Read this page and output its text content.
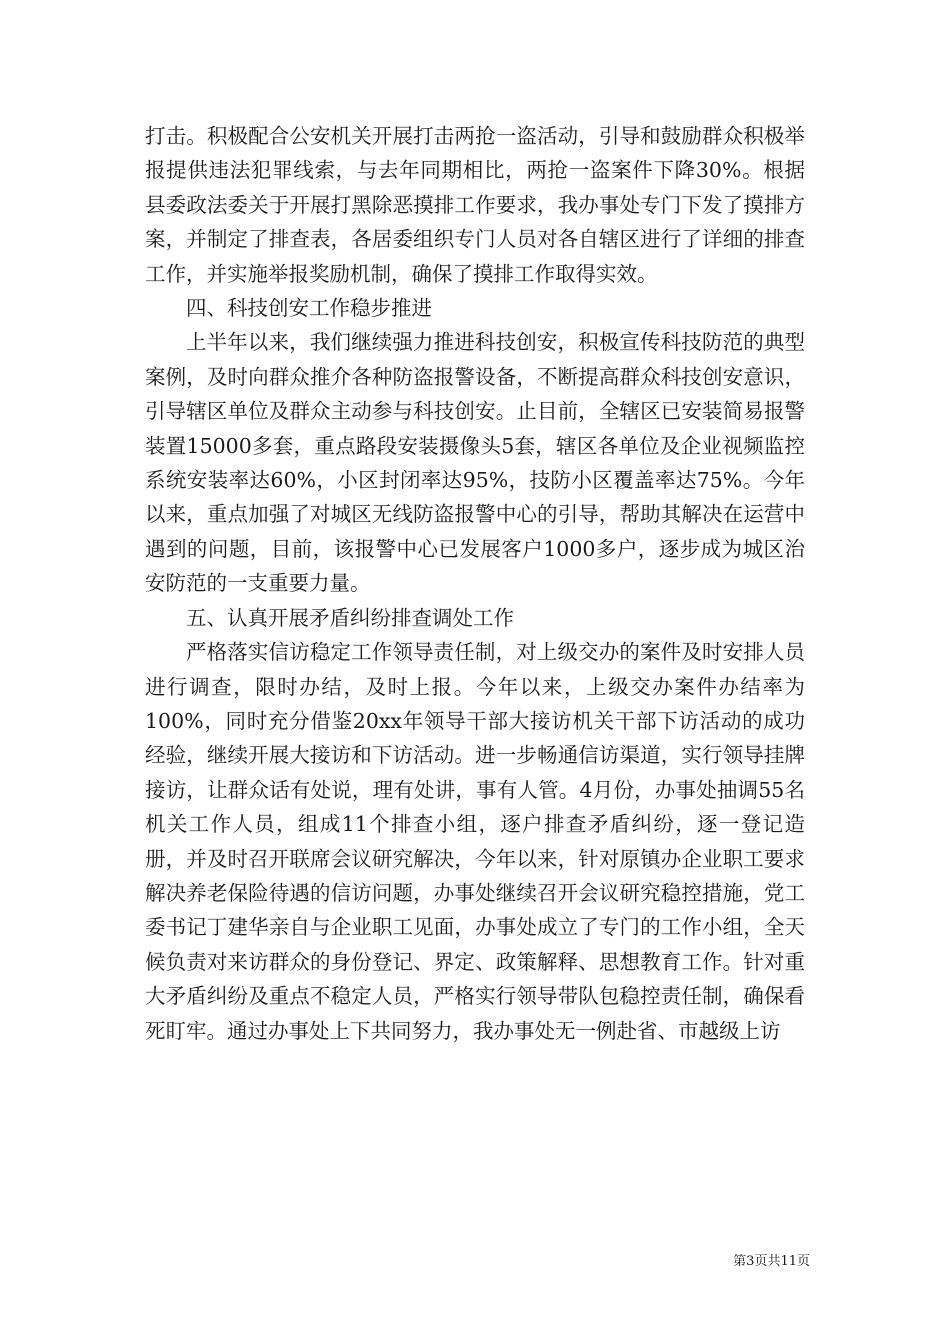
打击。积极配合公安机关开展打击两抢一盗活动，引导和鼓励群众积极举报提供违法犯罪线索，与去年同期相比，两抢一盗案件下降30%。根据县委政法委关于开展打黑除恶摸排工作要求，我办事处专门下发了摸排方案，并制定了排查表，各居委组织专门人员对各自辖区进行了详细的排查工作，并实施举报奖励机制，确保了摸排工作取得实效。

四、科技创安工作稳步推进

上半年以来，我们继续强力推进科技创安，积极宣传科技防范的典型案例，及时向群众推介各种防盗报警设备，不断提高群众科技创安意识，引导辖区单位及群众主动参与科技创安。止目前，全辖区已安装简易报警装置15000多套，重点路段安装摄像头5套，辖区各单位及企业视频监控系统安装率达60%，小区封闭率达95%，技防小区覆盖率达75%。今年以来，重点加强了对城区无线防盗报警中心的引导，帮助其解决在运营中遇到的问题，目前，该报警中心已发展客户1000多户，逐步成为城区治安防范的一支重要力量。

五、认真开展矛盾纠纷排查调处工作

严格落实信访稳定工作领导责任制，对上级交办的案件及时安排人员进行调查，限时办结，及时上报。今年以来，上级交办案件办结率为100%，同时充分借鉴20xx年领导干部大接访机关干部下访活动的成功经验，继续开展大接访和下访活动。进一步畅通信访渠道，实行领导挂牌接访，让群众话有处说，理有处讲，事有人管。4月份，办事处抽调55名机关工作人员，组成11个排查小组，逐户排查矛盾纠纷，逐一登记造册，并及时召开联席会议研究解决，今年以来，针对原镇办企业职工要求解决养老保险待遇的信访问题，办事处继续召开会议研究稳控措施，党工委书记丁建华亲自与企业职工见面，办事处成立了专门的工作小组，全天候负责对来访群众的身份登记、界定、政策解释、思想教育工作。针对重大矛盾纠纷及重点不稳定人员，严格实行领导带队包稳控责任制，确保看死盯牢。通过办事处上下共同努力，我办事处无一例赴省、市越级上访

第3页共11页
